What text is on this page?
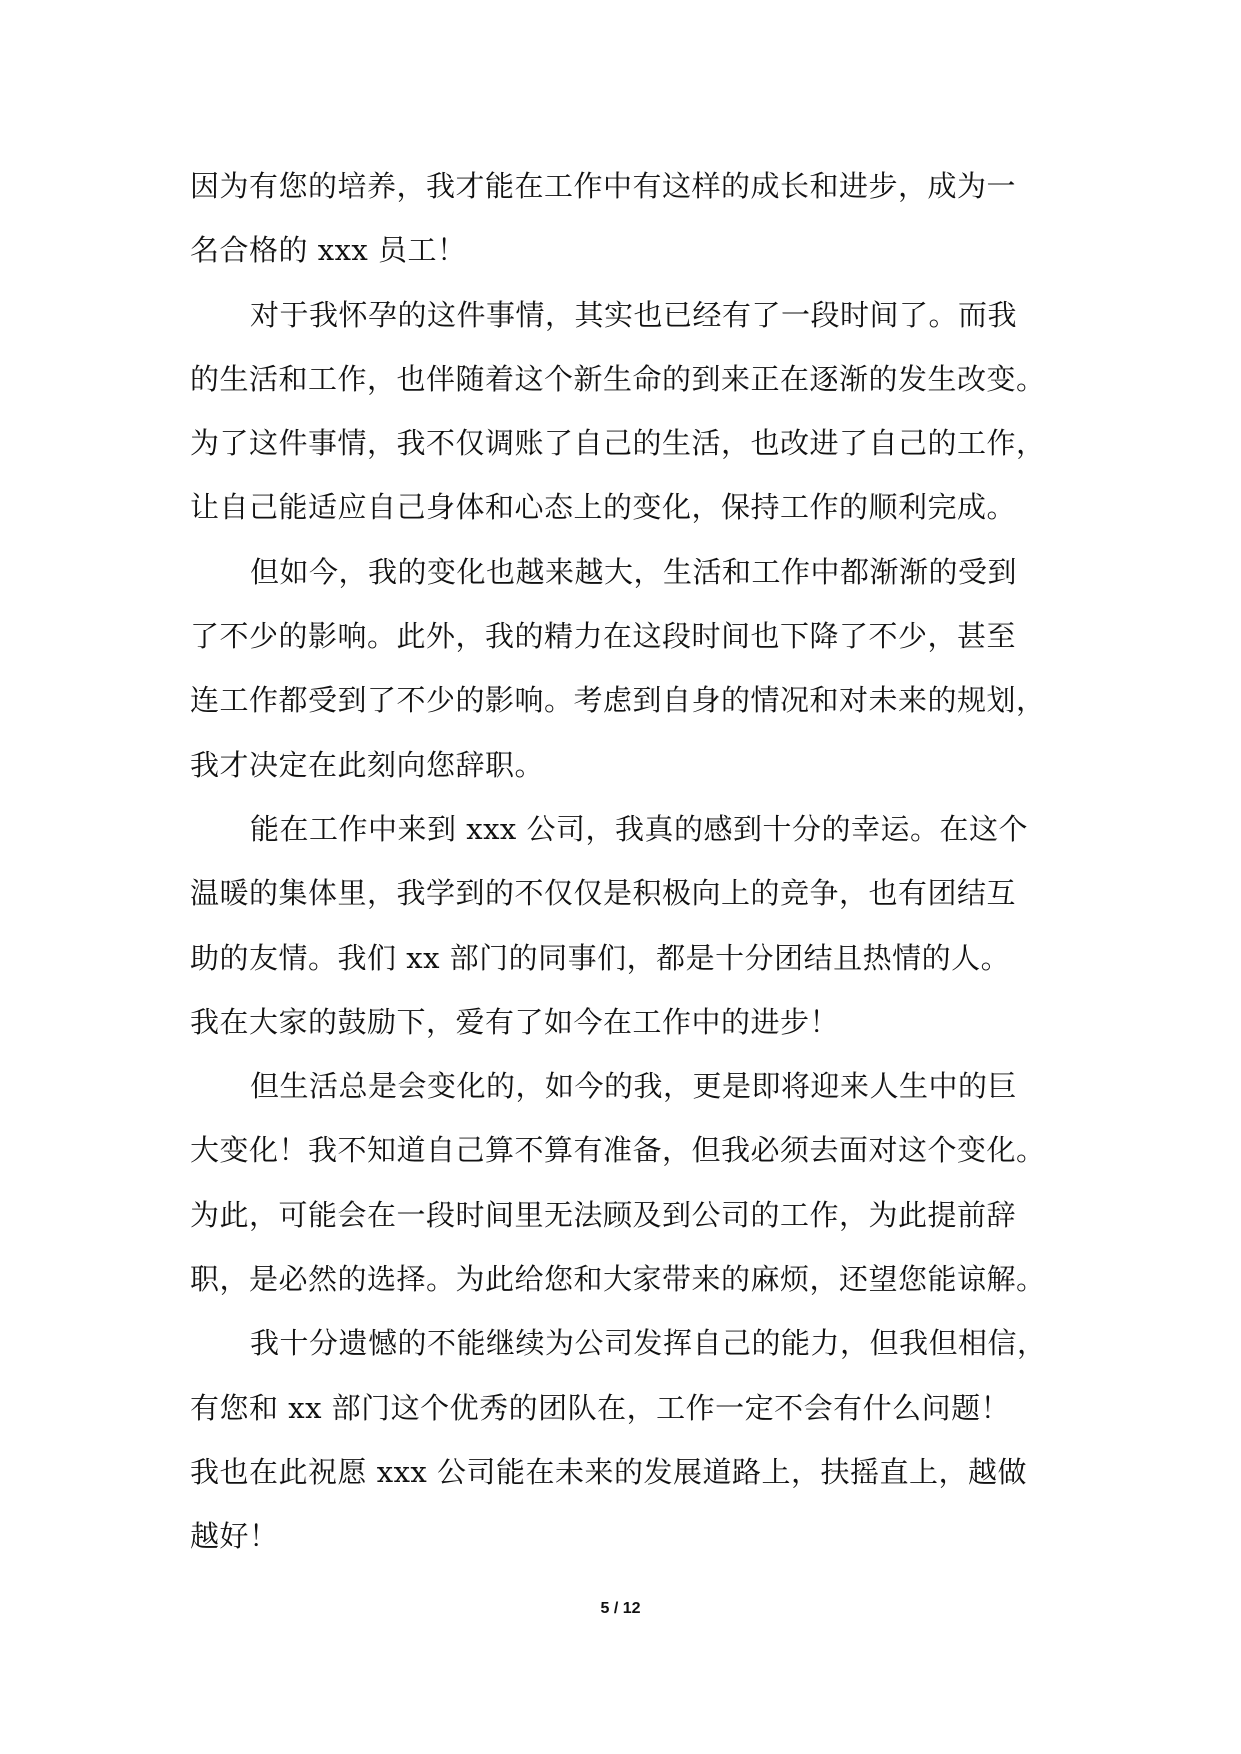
因为有您的培养，我才能在工作中有这样的成长和进步，成为一
名合格的 xxx 员工！
对于我怀孕的这件事情，其实也已经有了一段时间了。而我
的生活和工作，也伴随着这个新生命的到来正在逐渐的发生改变。
为了这件事情，我不仅调账了自己的生活，也改进了自己的工作，
让自己能适应自己身体和心态上的变化，保持工作的顺利完成。
但如今，我的变化也越来越大，生活和工作中都渐渐的受到
了不少的影响。此外，我的精力在这段时间也下降了不少，甚至
连工作都受到了不少的影响。考虑到自身的情况和对未来的规划，
我才决定在此刻向您辞职。
能在工作中来到 xxx 公司，我真的感到十分的幸运。在这个
温暖的集体里，我学到的不仅仅是积极向上的竞争，也有团结互
助的友情。我们 xx 部门的同事们，都是十分团结且热情的人。
我在大家的鼓励下，爱有了如今在工作中的进步！
但生活总是会变化的，如今的我，更是即将迎来人生中的巨
大变化！我不知道自己算不算有准备，但我必须去面对这个变化。
为此，可能会在一段时间里无法顾及到公司的工作，为此提前辞
职，是必然的选择。为此给您和大家带来的麻烦，还望您能谅解。
我十分遗憾的不能继续为公司发挥自己的能力，但我但相信，
有您和 xx 部门这个优秀的团队在，工作一定不会有什么问题！
我也在此祝愿 xxx 公司能在未来的发展道路上，扶摇直上，越做
越好！
5 / 12
